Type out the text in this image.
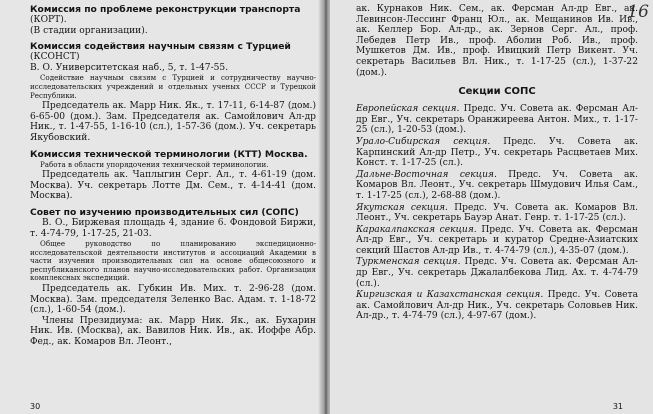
Комиссия по проблеме реконструкции транспорта

(КОРТ).

(В стадии организации).

Комиссия содействия научным связям с Турцией

(КСОНСТ)

В. О. Университетская наб., 5, т. 1-47-55.

Содействие научным связям с Турцией и сотрудничеству научно-исследовательских учреждений и отдельных ученых СССР и Турецкой Республики.

Председатель ак. Марр Ник. Як., т. 17-11, 6-14-87 (дом.) 6-65-00 (дом.). Зам. Председателя ак. Самойлович Ал-др Ник., т. 1-47-55, 1-16-10 (сл.), 1-57-36 (дом.). Уч. секретарь Якубовский.

Комиссия технической терминологии (КТТ) Москва.

Работа в области упорядочения технической терминологии.

Председатель ак. Чаплыгин Серг. Ал., т. 4-61-19 (дом. Москва). Уч. секретарь Лотте Дм. Сем., т. 4-14-41 (дом. Москва).

Совет по изучению производительных сил (СОПС)

В. О., Биржевая площадь 4, здание 6. Фондовой Биржи, т. 4-74-79, 1-17-25, 21-03.

Общее руководство по планированию экспедиционно-исследовательской деятельности институтов и ассоциаций Академии в части изучения производительных сил на основе общесоюзного и республиканского планов научно-исследовательских работ. Организация комплексных экспедиций.

Председатель ак. Губкин Ив. Мих. т. 2-96-28 (дом. Москва). Зам. председателя Зеленко Вас. Адам. т. 1-18-72 (сл.), 1-60-54 (дом.).

Члены Президиума: ак. Марр Ник. Як., ак. Бухарин Ник. Ив. (Москва), ак. Вавилов Ник. Ив., ак. Иоффе Абр. Фед., ак. Комаров Вл. Леонт.,

30
16

ак. Курнаков Ник. Сем., ак. Ферсман Ал-др Евг., ак. Левинсон-Лессинг Франц Юл., ак. Мещанинов Ив. Ив., ак. Келлер Бор. Ал-др., ак. Зернов Серг. Ал., проф. Лебедев Петр Ив., проф. Аболин Роб. Ив., проф. Мушкетов Дм. Ив., проф. Ивицкий Петр Викент. Уч. секретарь Васильев Вл. Ник., т. 1-17-25 (сл.), 1-37-22 (дом.).

Секции СОПС

Европейская секция. Предс. Уч. Совета ак. Ферсман Ал-др Евг., Уч. секретарь Оранжиреева Антон. Мих., т. 1-17-25 (сл.), 1-20-53 (дом.).

Урало-Сибирская секция. Предс. Уч. Совета ак. Карпинский Ал-др Петр., Уч. секретарь Расцветаев Мих. Конст. т. 1-17-25 (сл.).

Дальне-Восточная секция. Предс. Уч. Совета ак. Комаров Вл. Леонт., Уч. секретарь Шмудович Илья Сам., т. 1-17-25 (сл.), 2-68-88 (дом.).

Якутская секция. Предс. Уч. Совета ак. Комаров Вл. Леонт., Уч. секретарь Бауэр Анат. Генр. т. 1-17-25 (сл.).

Каракалпакская секция. Предс. Уч. Совета ак. Ферсман Ал-др Евг., Уч. секретарь и куратор Средне-Азиатских секций Шастов Ал-др Ив., т. 4-74-79 (сл.), 4-35-07 (дом.).

Туркменская секция. Предс. Уч. Совета ак. Ферсман Ал-др Евг., Уч. секретарь Джалалбекова Лид. Ах. т. 4-74-79 (сл.).

Киргизская и Казахстанская секция. Предс. Уч. Совета ак. Самойлович Ал-др Ник., Уч. секретарь Соловьев Ник. Ал-др., т. 4-74-79 (сл.), 4-97-67 (дом.).

31
